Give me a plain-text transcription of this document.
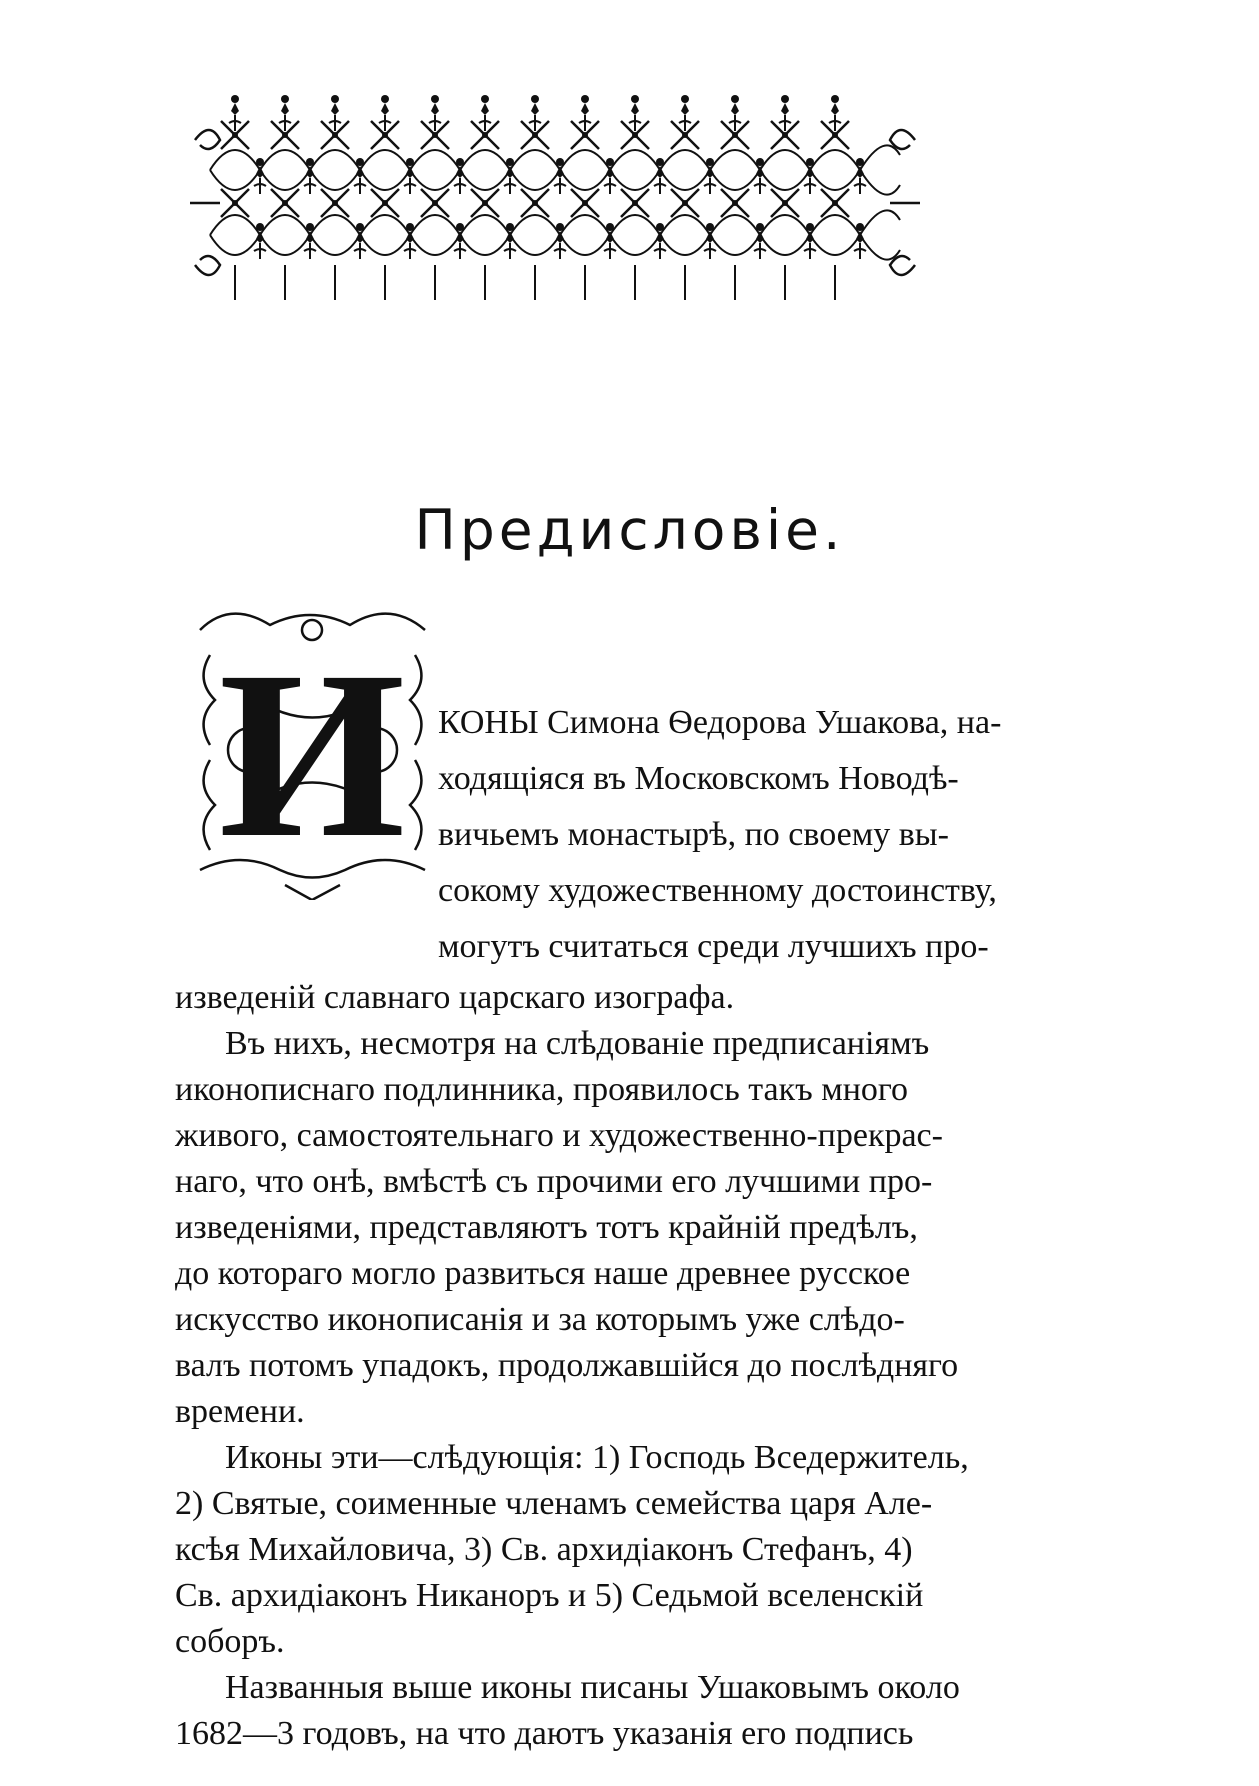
Предисловіе.
И КОНЫ Симона Ѳедорова Ушакова, на-
ходящіяся въ Московскомъ Новодѣ-
вичьемъ монастырѣ, по своему вы-
сокому художественному достоинству,
могутъ считаться среди лучшихъ про-
изведеній славнаго царскаго изографа.
Въ нихъ, несмотря на слѣдованіе предписаніямъ
иконописнаго подлинника, проявилось такъ много
живого, самостоятельнаго и художественно-прекрас-
наго, что онѣ, вмѣстѣ съ прочими его лучшими про-
изведеніями, представляютъ тотъ крайній предѣлъ,
до котораго могло развиться наше древнее русское
искусство иконописанія и за которымъ уже слѣдо-
валъ потомъ упадокъ, продолжавшійся до послѣдняго
времени.
Иконы эти—слѣдующія: 1) Господь Вседержитель,
2) Святые, соименные членамъ семейства царя Але-
ксѣя Михайловича, 3) Св. архидіаконъ Стефанъ, 4)
Св. архидіаконъ Никаноръ и 5) Седьмой вселенскій
соборъ.
Названныя выше иконы писаны Ушаковымъ около
1682—3 годовъ, на что даютъ указанія его подпись
